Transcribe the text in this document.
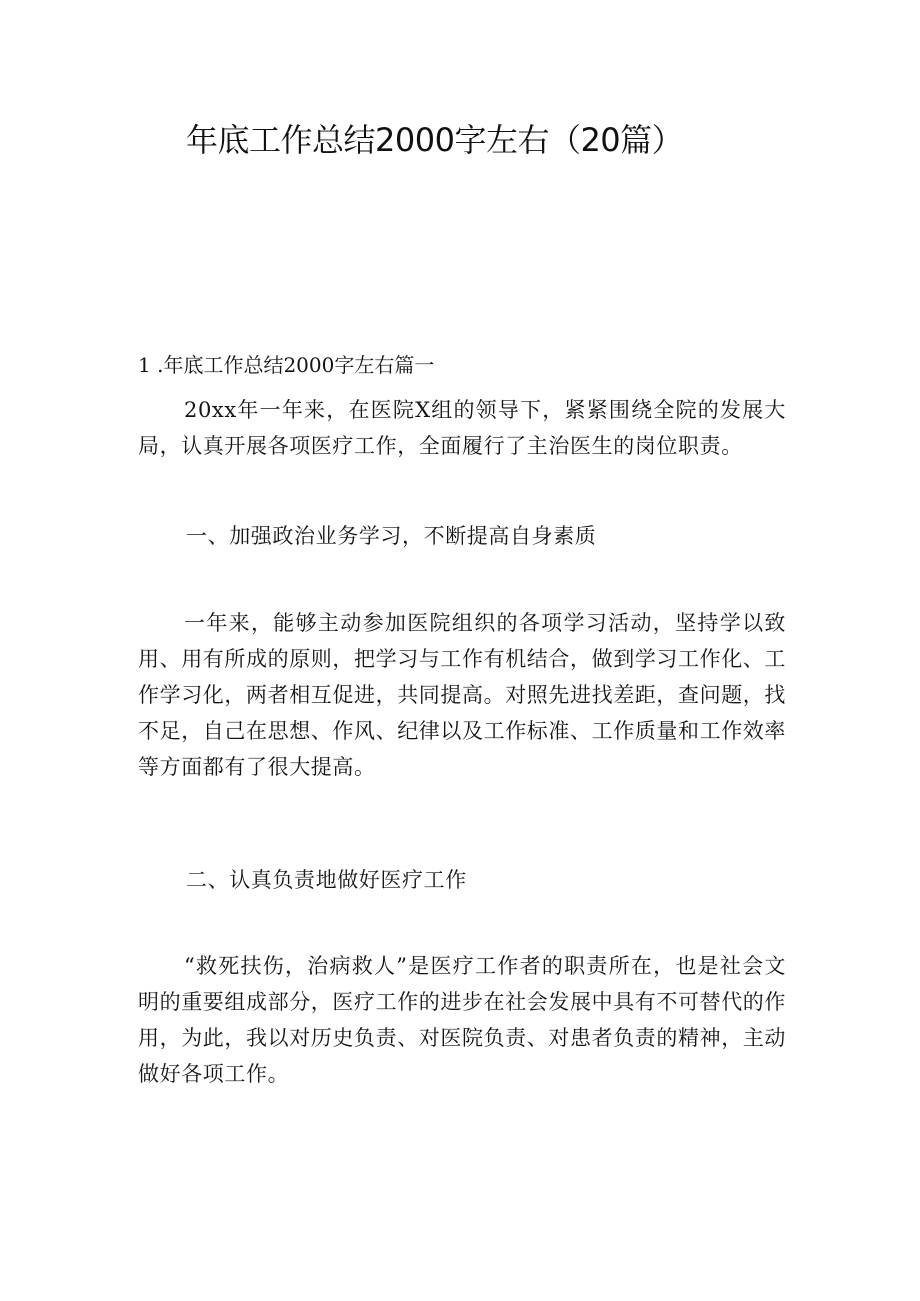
年底工作总结2000字左右（20篇）
1 .年底工作总结2000字左右篇一

20xx年一年来，在医院X组的领导下，紧紧围绕全院的发展大局，认真开展各项医疗工作，全面履行了主治医生的岗位职责。

一、加强政治业务学习，不断提高自身素质

一年来，能够主动参加医院组织的各项学习活动，坚持学以致用、用有所成的原则，把学习与工作有机结合，做到学习工作化、工作学习化，两者相互促进，共同提高。对照先进找差距，查问题，找不足，自己在思想、作风、纪律以及工作标准、工作质量和工作效率等方面都有了很大提高。

二、认真负责地做好医疗工作

“救死扶伤，治病救人”是医疗工作者的职责所在，也是社会文明的重要组成部分，医疗工作的进步在社会发展中具有不可替代的作用，为此，我以对历史负责、对医院负责、对患者负责的精神，主动做好各项工作。
